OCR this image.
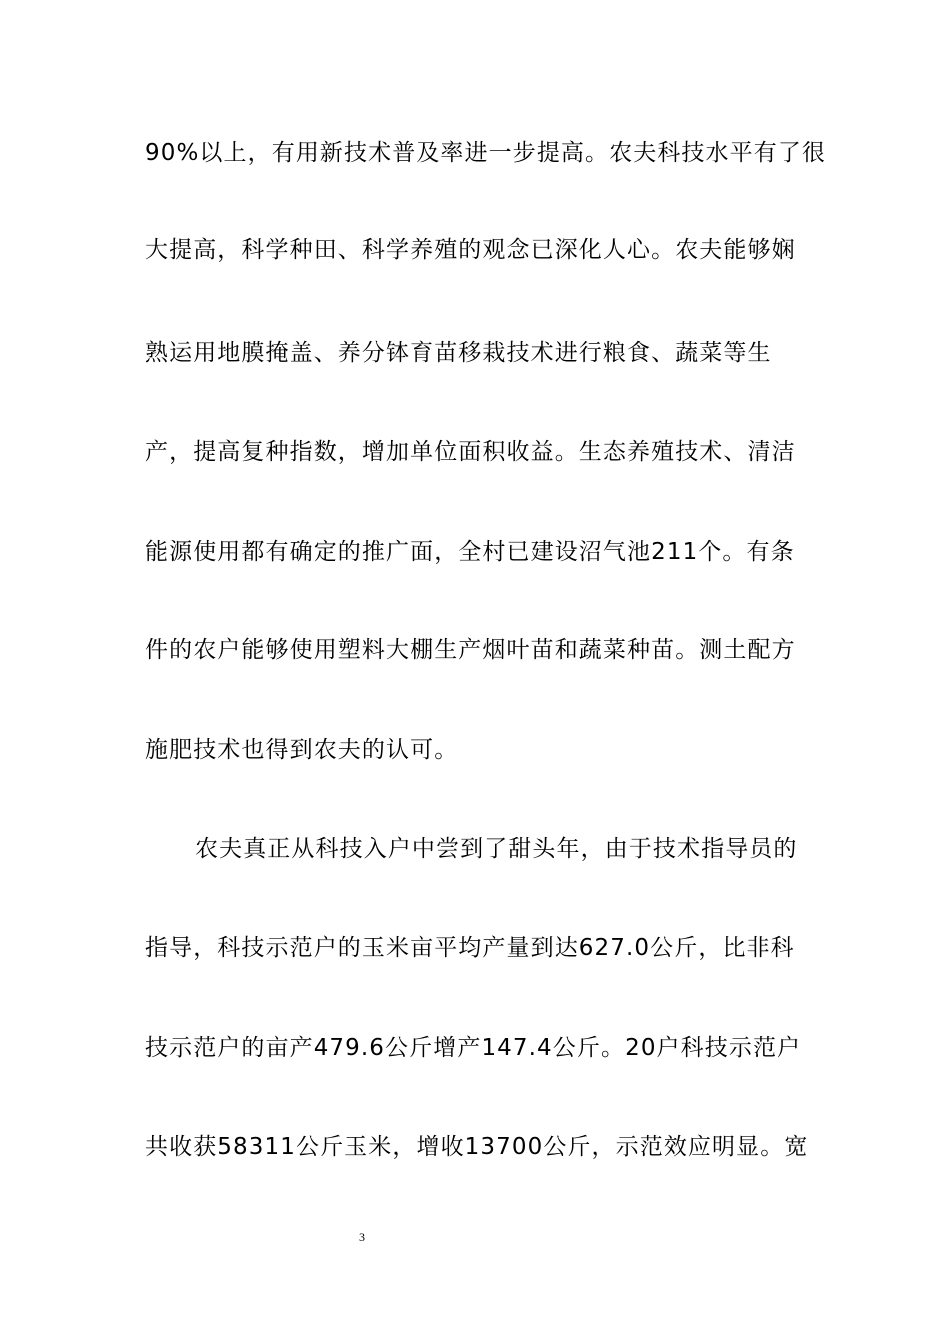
90%以上，有用新技术普及率进一步提高。农夫科技水平有了很
大提高，科学种田、科学养殖的观念已深化人心。农夫能够娴
熟运用地膜掩盖、养分钵育苗移栽技术进行粮食、蔬菜等生
产，提高复种指数，增加单位面积收益。生态养殖技术、清洁
能源使用都有确定的推广面，全村已建设沼气池211个。有条
件的农户能够使用塑料大棚生产烟叶苗和蔬菜种苗。测土配方
施肥技术也得到农夫的认可。
农夫真正从科技入户中尝到了甜头年，由于技术指导员的
指导，科技示范户的玉米亩平均产量到达627.0公斤，比非科
技示范户的亩产479.6公斤增产147.4公斤。20户科技示范户
共收获58311公斤玉米，增收13700公斤，示范效应明显。宽
3
